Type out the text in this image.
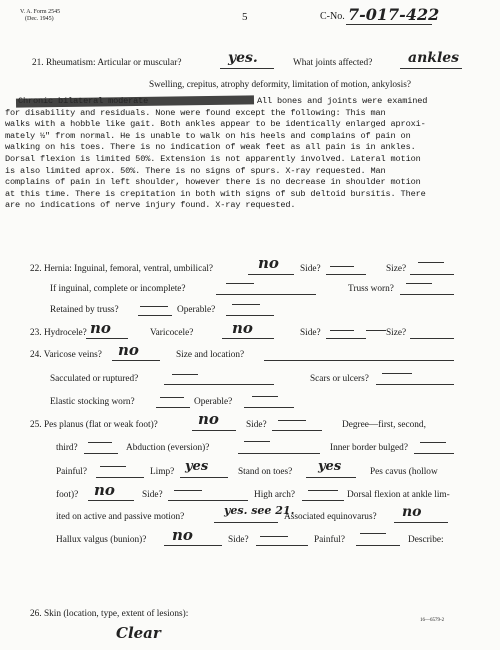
V. A. Form 2545
(Dec. 1945)	5	C-No. 7-017-422
21. Rheumatism: Articular or muscular?	yes.	What joints affected?	ankles
Swelling, crepitus, atrophy deformity, limitation of motion, ankylosis?
All bones and joints were examined
for disability and residuals. None were found except the following: This man
walks with a hobble like gait. Both ankles appear to be identically enlarged aproxi-
mately ½" from normal. He is unable to walk on his heels and complains of pain on
walking on his toes. There is no indication of weak feet as all pain is in ankles.
Dorsal flexion is limited 50%. Extension is not apparently involved. Lateral motion
is also limited aprox. 50%. There is no signs of spurs. X-ray requested. Man
complains of pain in left shoulder, however there is no decrease in shoulder motion
at this time. There is crepitation in both with signs of sub deltoid bursitis. There
are no indications of nerve injury found. X-ray requested.
22. Hernia: Inguinal, femoral, ventral, umbilical?	no Side?	Size?
If inguinal, complete or incomplete?	Truss worn?
Retained by truss?	Operable?
23. Hydrocele? no	Varicocele?	no	Side?	Size?
24. Varicose veins? no	Size and location?
Sacculated or ruptured?	Scars or ulcers?
Elastic stocking worn?	Operable?
25. Pes planus (flat or weak foot)?	no	Side?	Degree—first, second,
third?	Abduction (eversion)?	Inner border bulged?
Painful?	Limp? yes	Stand on toes? yes	Pes cavus (hollow
foot)? no	Side?	High arch?	Dorsal flexion at ankle lim-
ited on active and passive motion?	yes. see 21.
Associated equinovarus? no
Hallux valgus (bunion)? no	Side?	Painful?	Describe:
26. Skin (location, type, extent of lesions):
16—6579-2
Clear
